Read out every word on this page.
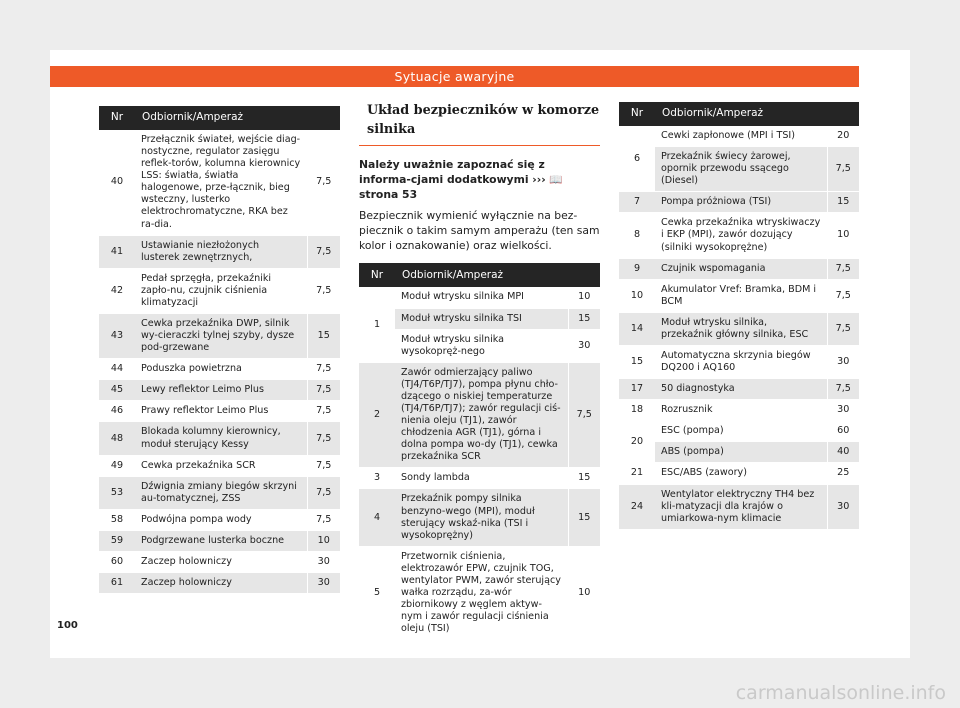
Sytuacje awaryjne
Nr	Odbiornik/Amperaż	
40	Przełącznik świateł, wejście diag-nostyczne, regulator zasięgu reflek-torów, kolumna kierownicy LSS: światła, światła halogenowe, prze-łącznik, bieg wsteczny, lusterko elektrochromatyczne, RKA bez ra-dia.	7,5
41	Ustawianie niezłożonych lusterek zewnętrznych,	7,5
42	Pedał sprzęgła, przekaźniki zapło-nu, czujnik ciśnienia klimatyzacji	7,5
43	Cewka przekaźnika DWP, silnik wy-cieraczki tylnej szyby, dysze pod-grzewane	15
44	Poduszka powietrzna	7,5
45	Lewy reflektor Leimo Plus	7,5
46	Prawy reflektor Leimo Plus	7,5
48	Blokada kolumny kierownicy, moduł sterujący Kessy	7,5
49	Cewka przekaźnika SCR	7,5
53	Dźwignia zmiany biegów skrzyni au-tomatycznej, ZSS	7,5
58	Podwójna pompa wody	7,5
59	Podgrzewane lusterka boczne	10
60	Zaczep holowniczy	30
61	Zaczep holowniczy	30
Układ bezpieczników w komorze silnika
Należy uważnie zapoznać się z informa-cjami dodatkowymi ››› 📖 strona 53
Bezpiecznik wymienić wyłącznie na bez-piecznik o takim samym amperażu (ten sam kolor i oznakowanie) oraz wielkości.
Nr	Odbiornik/Amperaż	
1	Moduł wtrysku silnika MPI	10
	Moduł wtrysku silnika TSI	15
	Moduł wtrysku silnika wysokopręż-nego	30
2	Zawór odmierzający paliwo (TJ4/T6P/TJ7), pompa płynu chło-dzącego o niskiej temperaturze (TJ4/T6P/TJ7); zawór regulacji ciś-nienia oleju (TJ1), zawór chłodzenia AGR (TJ1), górna i dolna pompa wo-dy (TJ1), cewka przekaźnika SCR	7,5
3	Sondy lambda	15
4	Przekaźnik pompy silnika benzyno-wego (MPI), moduł sterujący wskaź-nika (TSI i wysokoprężny)	15
5	Przetwornik ciśnienia, elektrozawór EPW, czujnik TOG, wentylator PWM, zawór sterujący wałka rozrządu, za-wór zbiornikowy z węglem aktyw-nym i zawór regulacji ciśnienia oleju (TSI)	10
Nr	Odbiornik/Amperaż	
6	Cewki zapłonowe (MPI i TSI)	20
	Przekaźnik świecy żarowej, opornik przewodu ssącego (Diesel)	7,5
7	Pompa próżniowa (TSI)	15
8	Cewka przekaźnika wtryskiwaczy i EKP (MPI), zawór dozujący (silniki wysokoprężne)	10
9	Czujnik wspomagania	7,5
10	Akumulator Vref: Bramka, BDM i BCM	7,5
14	Moduł wtrysku silnika, przekaźnik główny silnika, ESC	7,5
15	Automatyczna skrzynia biegów DQ200 i AQ160	30
17	50 diagnostyka	7,5
18	Rozrusznik	30
20	ESC (pompa)	60
	ABS (pompa)	40
21	ESC/ABS (zawory)	25
24	Wentylator elektryczny TH4 bez kli-matyzacji dla krajów o umiarkowa-nym klimacie	30
100
carmanualsonline.info
